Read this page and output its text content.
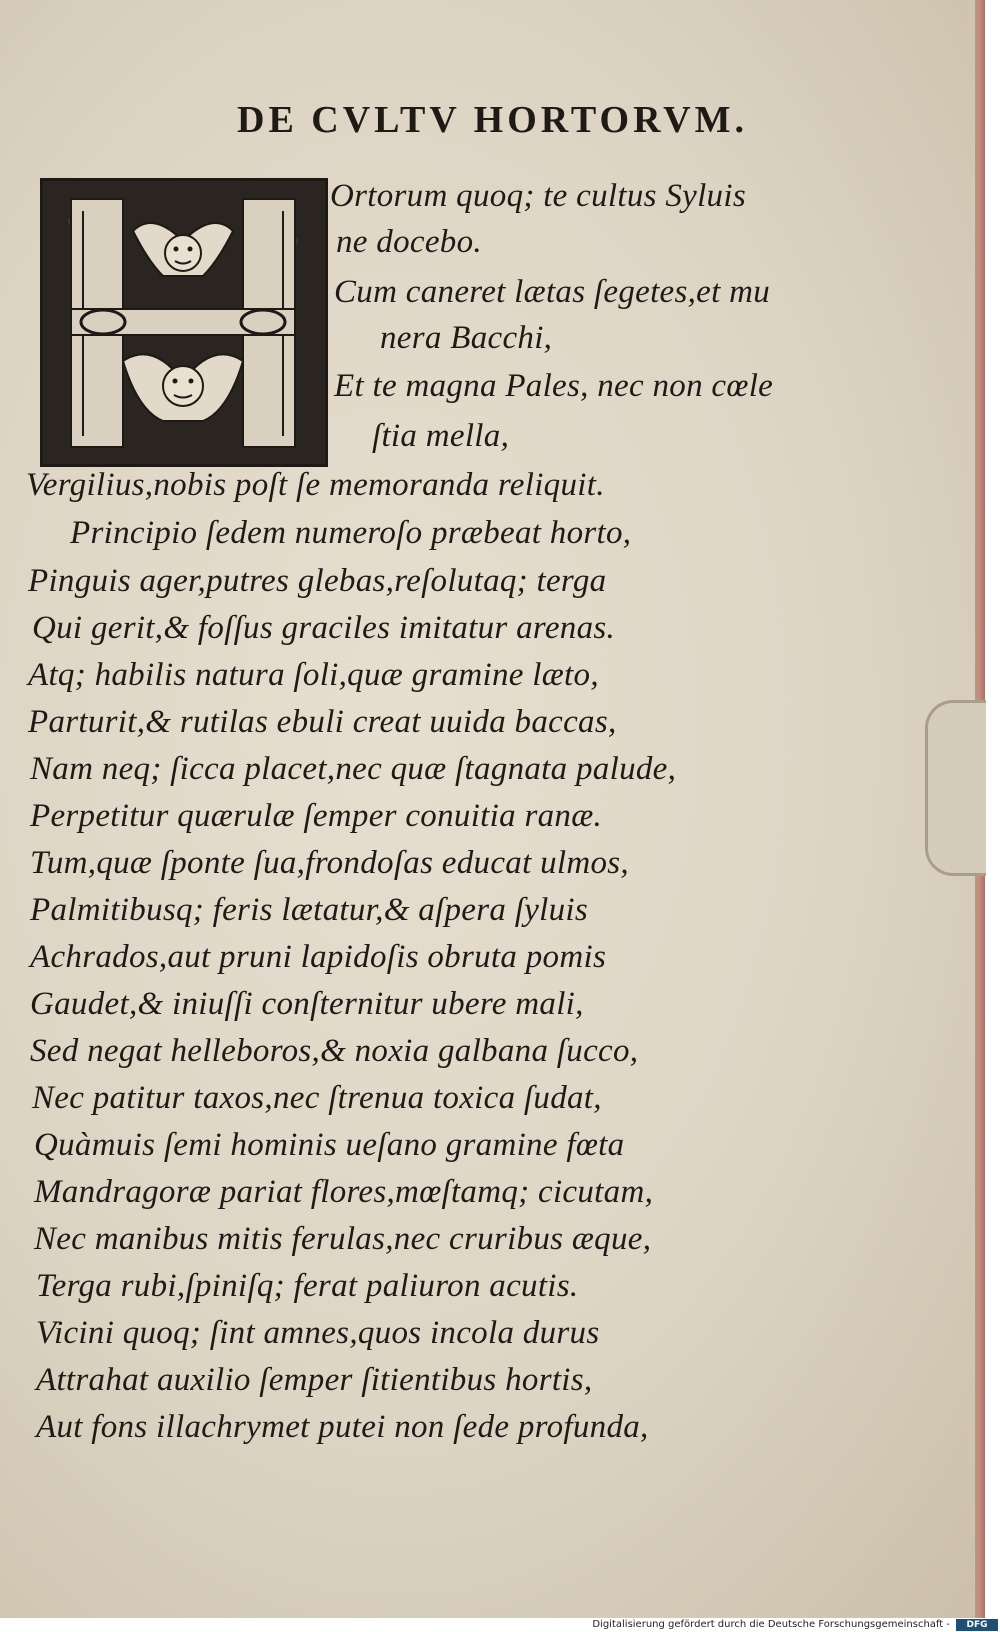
DE CVLTV HORTORVM.
Ortorum quoq; te cultus Syluis
ne docebo.
Cum caneret lætas ſegetes,et mu
nera Bacchi,
Et te magna Pales, nec non cœle
ſtia mella,
Vergilius,nobis poſt ſe memoranda reliquit.
Principio ſedem numeroſo præbeat horto,
Pinguis ager,putres glebas,reſolutaq; terga
Qui gerit,& foſſus graciles imitatur arenas.
Atq; habilis natura ſoli,quæ gramine læto,
Parturit,& rutilas ebuli creat uuida baccas,
Nam neq; ſicca placet,nec quæ ſtagnata palude,
Perpetitur quærulæ ſemper conuitia ranæ.
Tum,quæ ſponte ſua,frondoſas educat ulmos,
Palmitibusq; feris lætatur,& aſpera ſyluis
Achrados,aut pruni lapidoſis obruta pomis
Gaudet,& iniuſſi conſternitur ubere mali,
Sed negat helleboros,& noxia galbana ſucco,
Nec patitur taxos,nec ſtrenua toxica ſudat,
Quàmuis ſemi hominis ueſano gramine fœta
Mandragoræ pariat flores,mœſtamq; cicutam,
Nec manibus mitis ferulas,nec cruribus æque,
Terga rubi,ſpiniſq; ferat paliuron acutis.
Vicini quoq; ſint amnes,quos incola durus
Attrahat auxilio ſemper ſitientibus hortis,
Aut fons illachrymet putei non ſede profunda,
Digitalisierung gefördert durch die Deutsche Forschungsgemeinschaft -	DFG
